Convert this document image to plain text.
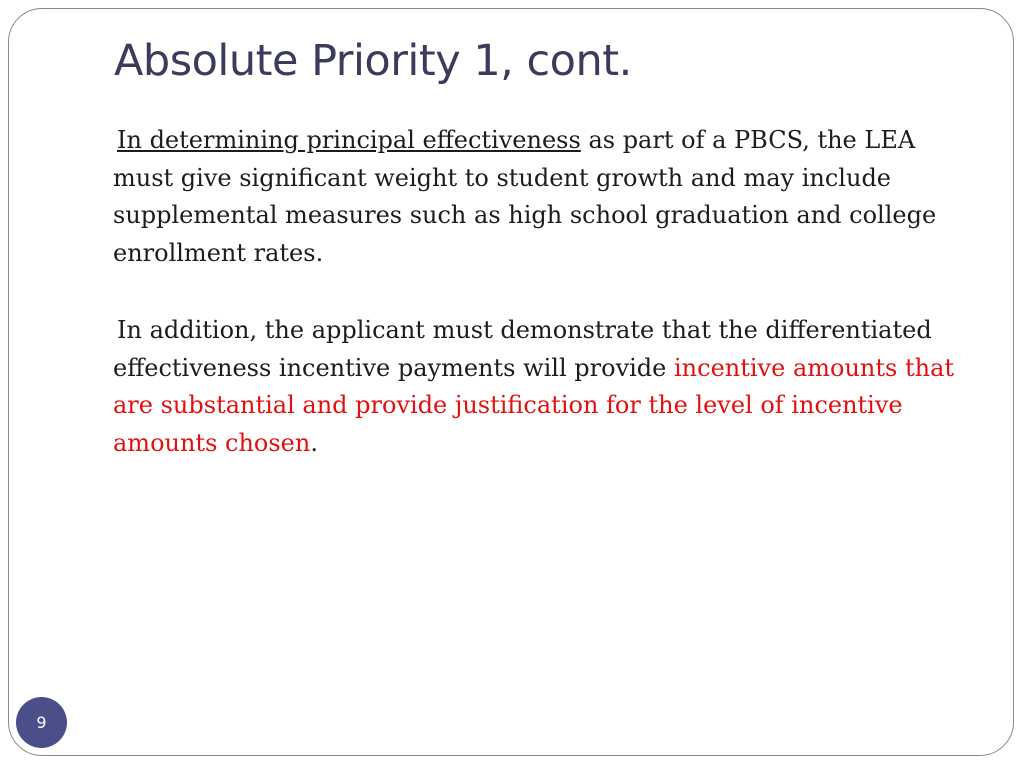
Absolute Priority 1, cont.

In determining principal effectiveness as part of a PBCS, the LEA must give significant weight to student growth and may include supplemental measures such as high school graduation and college enrollment rates.

In addition, the applicant must demonstrate that the differentiated effectiveness incentive payments will provide incentive amounts that are substantial and provide justification for the level of incentive amounts chosen.

9
